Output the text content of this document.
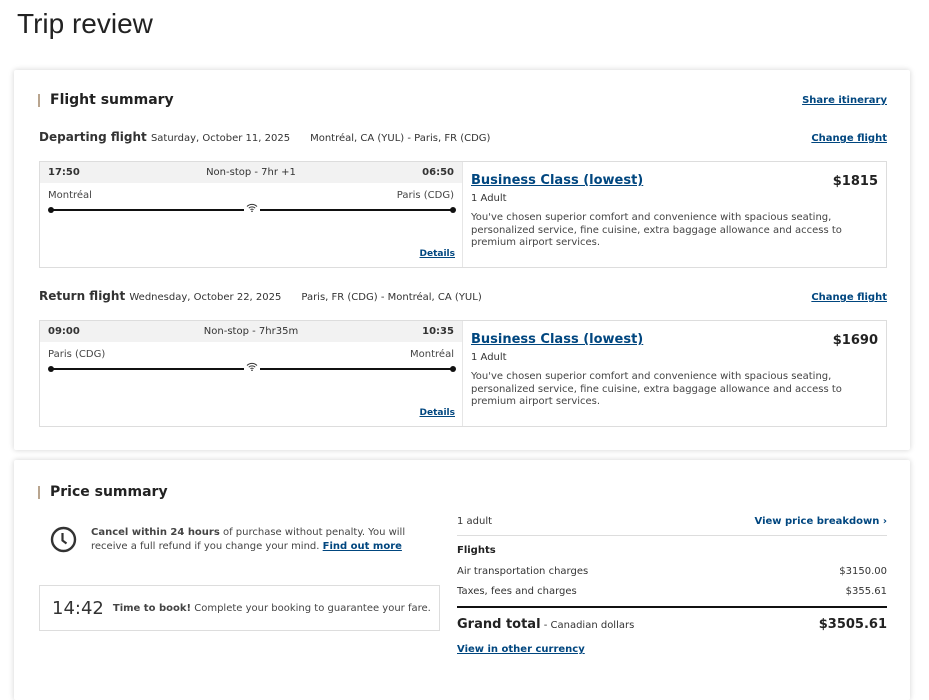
Trip review
Flight summary	Share itinerary
Departing flight Saturday, October 11, 2025 Montréal, CA (YUL) - Paris, FR (CDG)	Change flight
17:50	Non-stop - 7hr +1	06:50
Montréal	Paris (CDG)
Details
Business Class (lowest)	$1815
1 Adult
You've chosen superior comfort and convenience with spacious seating, personalized service, fine cuisine, extra baggage allowance and access to premium airport services.
Return flight Wednesday, October 22, 2025 Paris, FR (CDG) - Montréal, CA (YUL)	Change flight
09:00	Non-stop - 7hr35m	10:35
Paris (CDG)	Montréal
Details
Business Class (lowest)	$1690
1 Adult
You've chosen superior comfort and convenience with spacious seating, personalized service, fine cuisine, extra baggage allowance and access to premium airport services.
Price summary
Cancel within 24 hours of purchase without penalty. You will receive a full refund if you change your mind. Find out more
14:42 Time to book! Complete your booking to guarantee your fare.
1 adult	View price breakdown ›
Flights
Air transportation charges	$3150.00
Taxes, fees and charges	$355.61
Grand total - Canadian dollars	$3505.61
View in other currency
